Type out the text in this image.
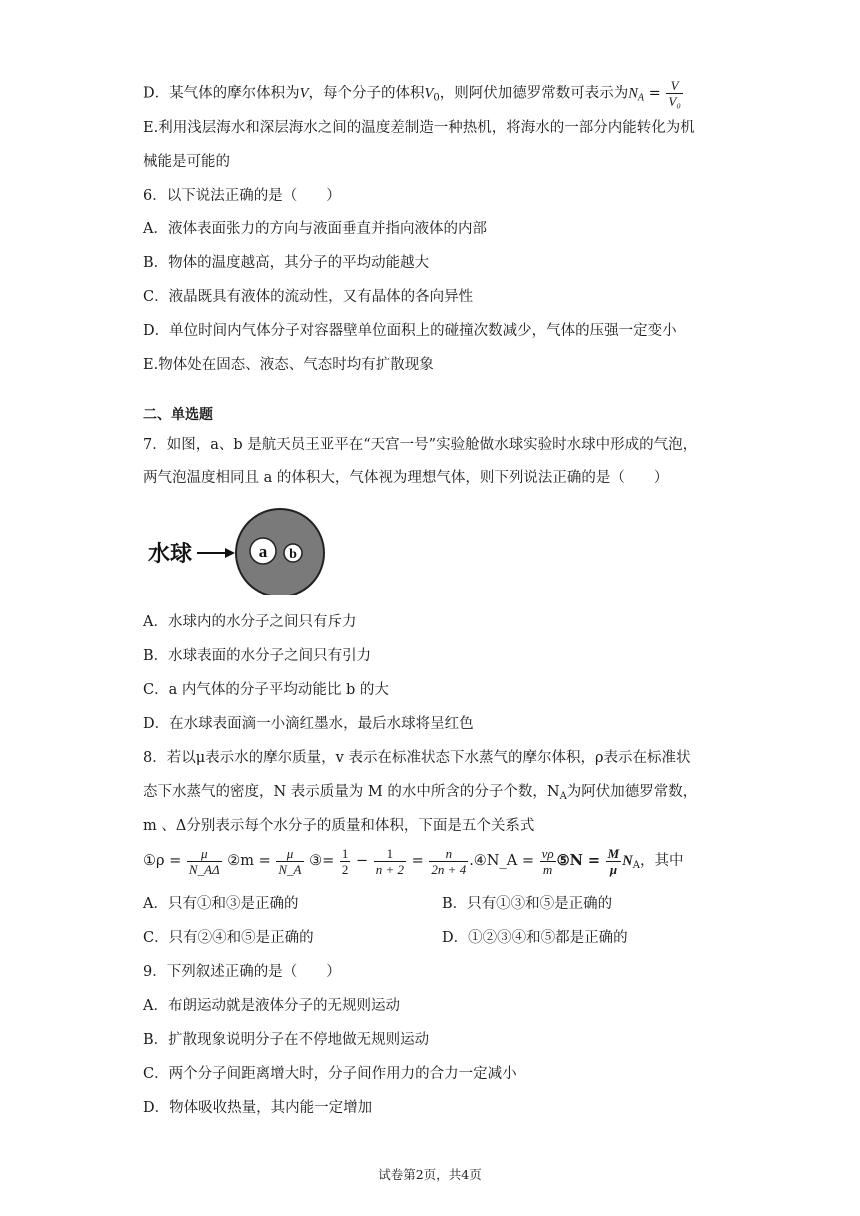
D．某气体的摩尔体积为V，每个分子的体积$V_0$，则阿伏加德罗常数可表示为$N_A = \frac{V}{\text{V₀}}$
E.利用浅层海水和深层海水之间的温度差制造一种热机，将海水的一部分内能转化为机
械能是可能的
6．以下说法正确的是（　　）
A．液体表面张力的方向与液面垂直并指向液体的内部
B．物体的温度越高，其分子的平均动能越大
C．液晶既具有液体的流动性，又有晶体的各向异性
D．单位时间内气体分子对容器壁单位面积上的碰撞次数减少，气体的压强一定变小
E.物体处在固态、液态、气态时均有扩散现象
二、单选题
7．如图，a、b 是航天员王亚平在“天宫一号”实验舱做水球实验时水球中形成的气泡，
两气泡温度相同且 a 的体积大，气体视为理想气体，则下列说法正确的是（　　）
水球	a b
A．水球内的水分子之间只有斥力
B．水球表面的水分子之间只有引力
C．a 内气体的分子平均动能比 b 的大
D．在水球表面滴一小滴红墨水，最后水球将呈红色
8．若以μ表示水的摩尔质量，v 表示在标准状态下水蒸气的摩尔体积，ρ表示在标准状
态下水蒸气的密度，N 表示质量为 M 的水中所含的分子个数，$N_A$为阿伏加德罗常数，
m 、Δ分别表示每个水分子的质量和体积，下面是五个关系式
①ρ = $\frac{\mu}{N\_A\Delta}$ ②m = $\frac{\mu}{N\_A}$ ③= $\frac{1}{2} - \frac{1}{n + 2} = \frac{n}{2n + 4}$ .④N_A = $\frac{v\rho}{m}$ ⑤N = $\frac{M}{\mu} N_A$，其中
A．只有①和③是正确的	B．只有①③和⑤是正确的
C．只有②④和⑤是正确的	D．①②③④和⑤都是正确的
9．下列叙述正确的是（　　）
A．布朗运动就是液体分子的无规则运动
B．扩散现象说明分子在不停地做无规则运动
C．两个分子间距离增大时，分子间作用力的合力一定减小
D．物体吸收热量，其内能一定增加
试卷第2页，共4页
